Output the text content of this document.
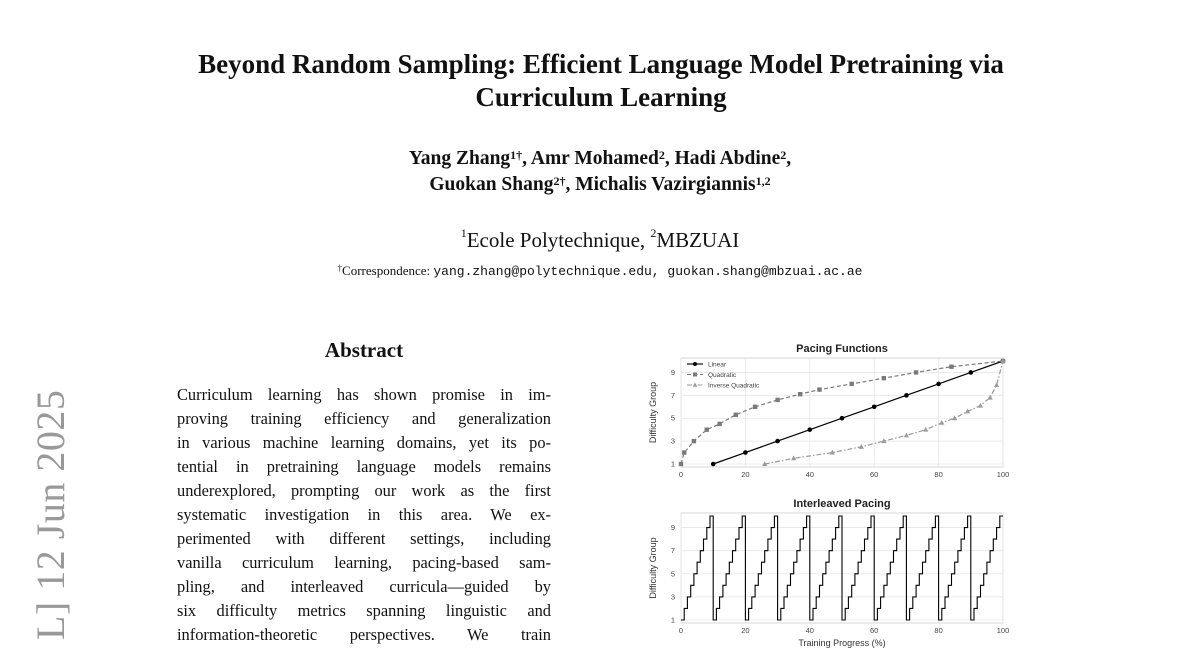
Beyond Random Sampling: Efficient Language Model Pretraining via
Curriculum Learning
Yang Zhang$^{1\dagger}$, Amr Mohamed$^2$, Hadi Abdine$^2$,
Guokan Shang$^{2\dagger}$, Michalis Vazirgiannis$^{1,2}$
$^1$Ecole Polytechnique, $^2$MBZUAI
†Correspondence: yang.zhang@polytechnique.edu, guokan.shang@mbzuai.ac.ae
L] 12 Jun 2025
Abstract
Curriculum learning has shown promise in im-
proving training efficiency and generalization
in various machine learning domains, yet its po-
tential in pretraining language models remains
underexplored, prompting our work as the first
systematic investigation in this area. We ex-
perimented with different settings, including
vanilla curriculum learning, pacing-based sam-
pling, and interleaved curricula—guided by
six difficulty metrics spanning linguistic and
information-theoretic perspectives. We train
Pacing Functions
0	20	40	60	80	100
1
3
5
7
9
Difficulty Group
Linear
Quadratic
Inverse Quadratic
Interleaved Pacing
0	20	40	60	80	100
1
3
5
7
9
Difficulty Group
Training Progress (%)
